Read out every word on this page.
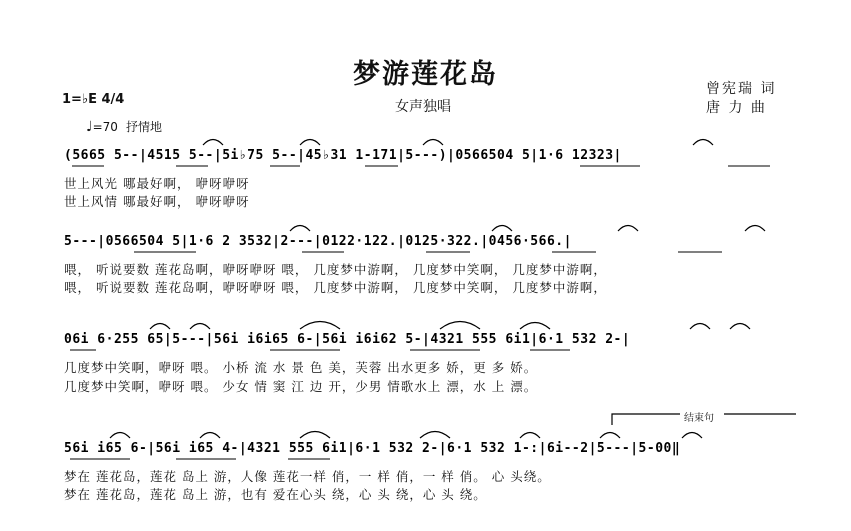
梦游莲花岛
女声独唱
曾宪瑞 词
唐 力 曲
1=♭E 4/4
♩=70 抒情地
(5665 5--|4515 5--|5i♭75 5--|45♭31 1-171|5---)|0566504 5|1·6 12323|
世上风光 哪最好啊， 咿呀咿呀
世上风情 哪最好啊， 咿呀咿呀
5---|0566504 5|1·6 2 3532|2---|0122·122.|0125·322.|0456·566.|
喂， 听说要数 莲花岛啊，咿呀咿呀 喂， 几度梦中游啊， 几度梦中笑啊， 几度梦中游啊，
喂， 听说要数 莲花岛啊，咿呀咿呀 喂， 几度梦中游啊， 几度梦中笑啊， 几度梦中游啊，
06i 6·255 65|5---|56i i6i65 6-|56i i6i62 5-|4321 555 6i1|6·1 532 2-|
几度梦中笑啊，咿呀 喂。 小桥 流 水 景 色 美，芙蓉 出水更多 娇，更 多 娇。
几度梦中笑啊，咿呀 喂。 少女 情 窦 江 边 开，少男 情歌水上 漂，水 上 漂。
结束句
56i i65 6-|56i i65 4-|4321 555 6i1|6·1 532 2-|6·1 532 1-:|6i--2|5---|5-00‖
梦在 莲花岛，莲花 岛上 游，人像 莲花一样 俏，一 样 俏，一 样 俏。 心 头绕。
梦在 莲花岛，莲花 岛上 游，也有 爱在心头 绕，心 头 绕，心 头 绕。
